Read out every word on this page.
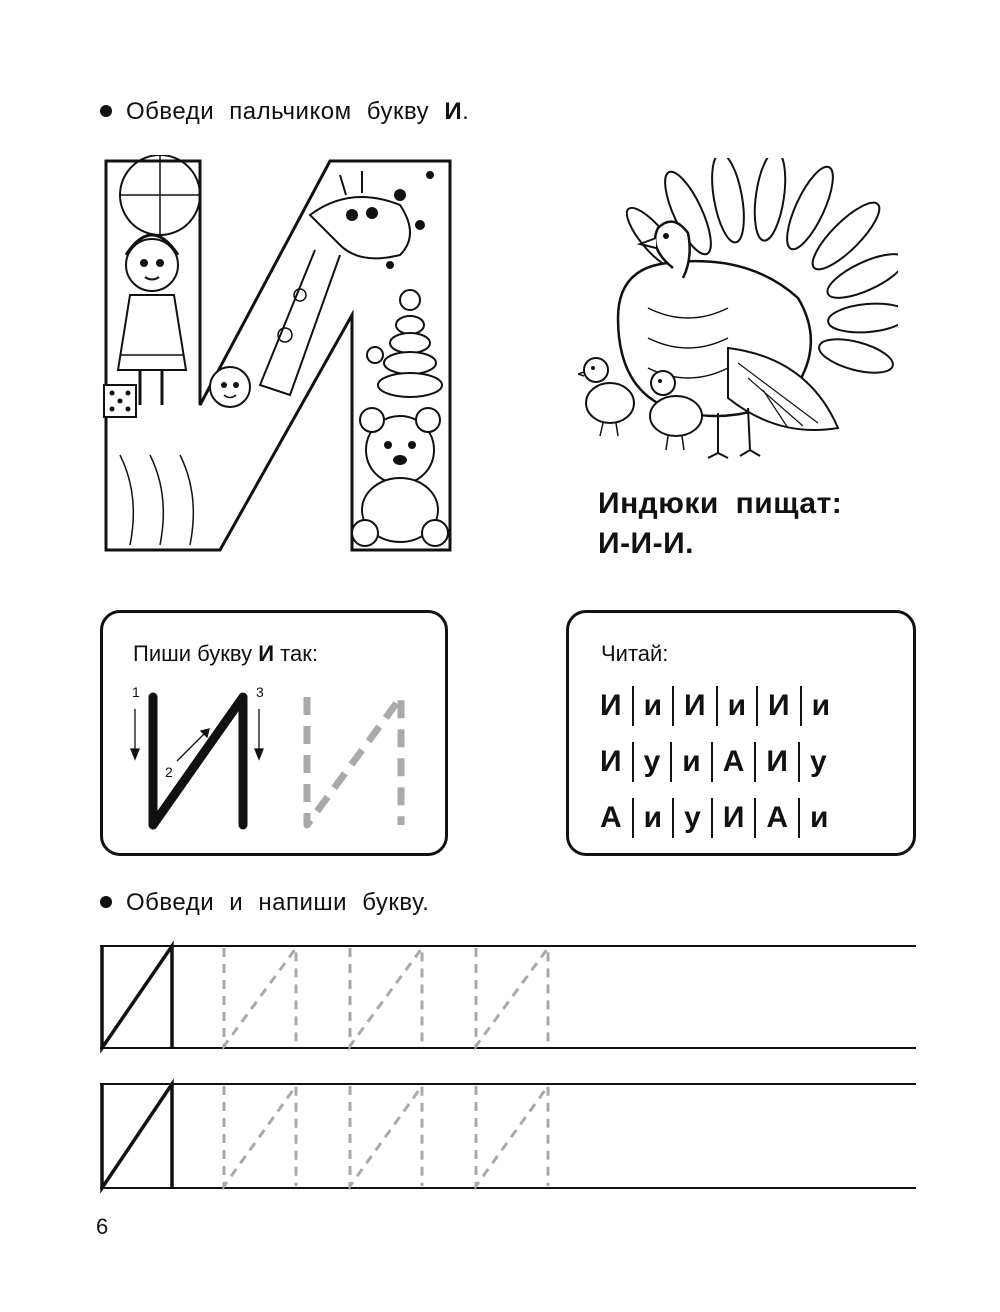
Обведи пальчиком букву И.
Индюки пищат:
И-И-И.
Пиши букву И так:
1
2
3
Читай:
И и И и И и
И у и А И у
А и у И А и
Обведи и напиши букву.
6
